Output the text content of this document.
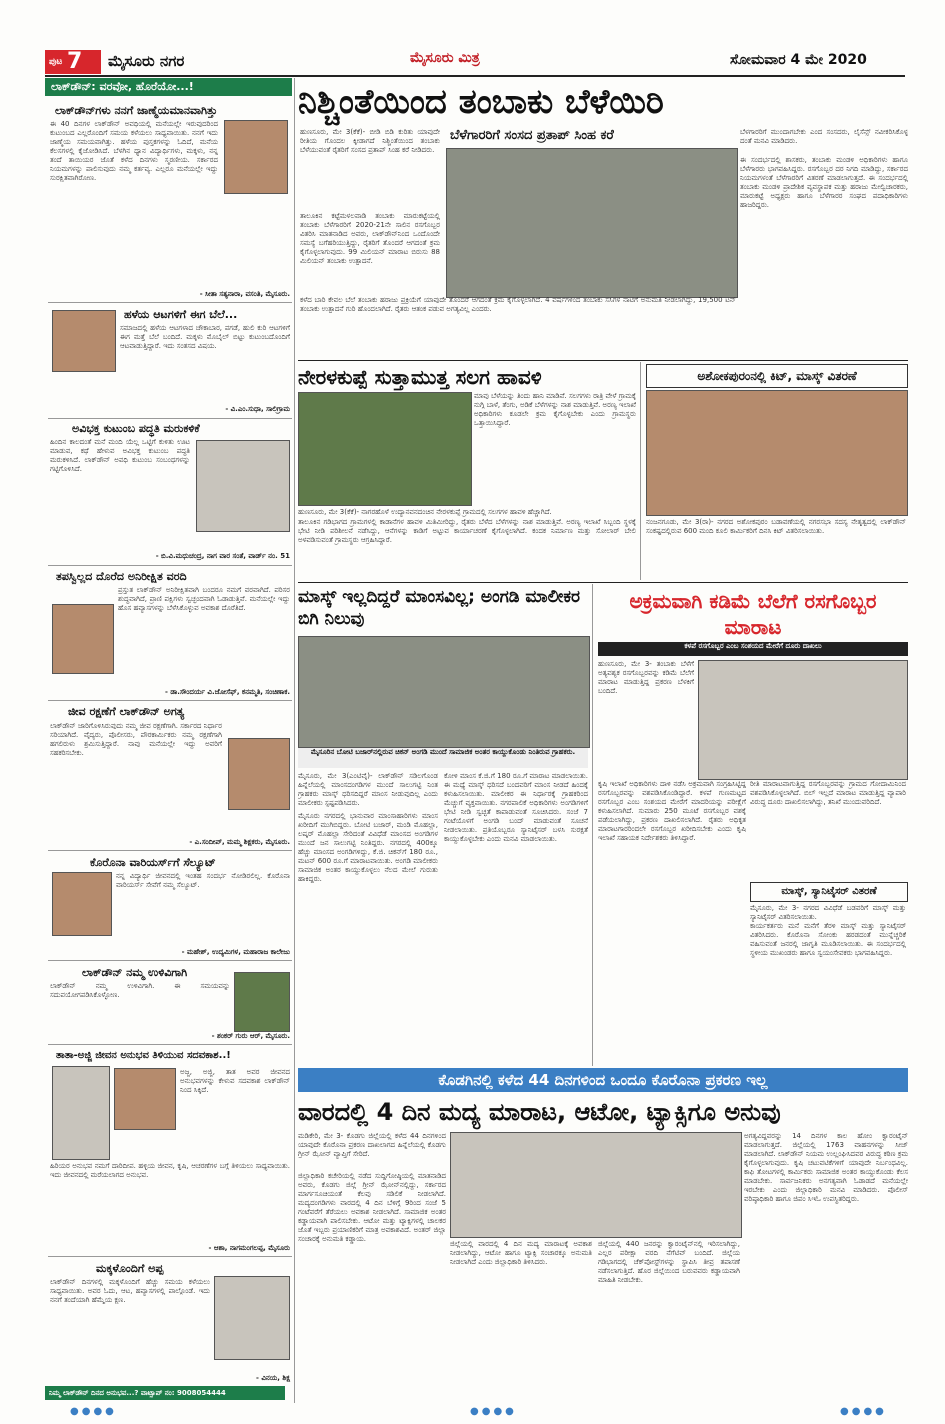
ಪುಟ 7 ಮೈಸೂರು ನಗರ	ಮೈಸೂರು ಮಿತ್ರ	ಸೋಮವಾರ 4 ಮೇ 2020
ಲಾಕ್‌ಡೌನ್: ವರವೋ, ಹೊರೆಯೋ...!
ಲಾಕ್‌ಡೌನ್‌ಗಳು ನನಗೆ ಜಾಣ್ಮೆಯಮಾನವಾಗಿತ್ತು
ಈ 40 ದಿನಗಳ ಲಾಕ್‌ಡೌನ್ ಅವಧಿಯಲ್ಲಿ ಮನೆಯಲ್ಲೇ ಇರುವುದರಿಂದ ಕುಟುಂಬದ ಎಲ್ಲರೊಂದಿಗೆ ಸಮಯ ಕಳೆಯಲು ಸಾಧ್ಯವಾಯಿತು. ನನಗೆ ಇದು ಜಾಣ್ಮೆಯ ಸಮಯವಾಗಿತ್ತು. ಹಳೆಯ ಪುಸ್ತಕಗಳನ್ನು ಓದಿದೆ, ಮನೆಯ ಕೆಲಸಗಳಲ್ಲಿ ಕೈಜೋಡಿಸಿದೆ. ಬೆಳಗಿನ ಧ್ಯಾನ ವಿದ್ಯಾರ್ಥಿಗಳು, ಮಕ್ಕಳು, ನನ್ನ ತಂದೆ ತಾಯಿಯರ ಜೊತೆ ಕಳೆದ ದಿನಗಳು ಸ್ಮರಣೀಯ. ಸರ್ಕಾರದ ನಿಯಮಗಳನ್ನು ಪಾಲಿಸುವುದು ನಮ್ಮ ಕರ್ತವ್ಯ. ಎಲ್ಲರೂ ಮನೆಯಲ್ಲೇ ಇದ್ದು ಸುರಕ್ಷಿತವಾಗಿರೋಣ.
- ಸೀತಾ ಸತ್ಯನಾರಾ, ವಸಂತಿ, ಮೈಸೂರು.
ಹಳೆಯ ಆಟಗಳಿಗೆ ಈಗ ಬೆಲೆ...
ಸಮಾಜದಲ್ಲಿ ಹಳೆಯ ಆಟಗಳಾದ ಚೌಕಾಬಾರ, ಪಗಡೆ, ಹುಲಿ ಕುರಿ ಆಟಗಳಿಗೆ ಈಗ ಮತ್ತೆ ಬೆಲೆ ಬಂದಿದೆ. ಮಕ್ಕಳು ಮೊಬೈಲ್ ಬಿಟ್ಟು ಕುಟುಂಬದೊಂದಿಗೆ ಆಟವಾಡುತ್ತಿದ್ದಾರೆ. ಇದು ಸಂತಸದ ವಿಷಯ.
- ವಿ.ಎಂ.ಸುಧಾ, ಸಾಲಿಗ್ರಾಮ
ಅವಿಭಕ್ತ ಕುಟುಂಬ ಪದ್ಧತಿ ಮರುಕಳಿಕೆ
ಹಿಂದಿನ ಕಾಲದಂತೆ ಮನೆ ಮಂದಿ ಯೆಲ್ಲ ಒಟ್ಟಿಗೆ ಕುಳಿತು ಊಟ ಮಾಡುವ, ಕಥೆ ಹೇಳುವ ಅವಿಭಕ್ತ ಕುಟುಂಬ ಪದ್ಧತಿ ಮರುಕಳಿಸಿದೆ. ಲಾಕ್‌ಡೌನ್ ಅವಧಿ ಕುಟುಂಬ ಸಂಬಂಧಗಳನ್ನು ಗಟ್ಟಿಗೊಳಿಸಿದೆ.
- ಬಿ.ವಿ.ಮಧುಚಂದ್ರ, ನಾಗ ವಾರ ಸಂತೆ, ವಾರ್ಡ್ ನಂ. 51
ತಪಸ್ವಿಲ್ಲದ ದೊರೆದ ಅನಿರೀಕ್ಷಿತ ವರದಿ
ಪ್ರಸ್ತುತ ಲಾಕ್‌ಡೌನ್ ಅನಿರೀಕ್ಷಿತವಾಗಿ ಬಂದರೂ ನಮಗೆ ವರವಾಗಿದೆ. ಪರಿಸರ ಶುದ್ಧವಾಗಿದೆ, ಪ್ರಾಣಿ ಪಕ್ಷಿಗಳು ಸ್ವಚ್ಛಂದವಾಗಿ ಓಡಾಡುತ್ತಿವೆ. ಮನೆಯಲ್ಲೇ ಇದ್ದು ಹೊಸ ಹವ್ಯಾಸಗಳನ್ನು ಬೆಳೆಸಿಕೊಳ್ಳುವ ಅವಕಾಶ ದೊರೆತಿದೆ.
- ಡಾ.ಸೌಂದರ್ಯ ವಿ.ಜೋಸೆಫ್, ಕನಮ್ಮತಿ, ಸಂಚಿಣಾಕ.
ಜೀವ ರಕ್ಷಣೆಗೆ ಲಾಕ್‌ಡೌನ್ ಅಗತ್ಯ
ಲಾಕ್‌ಡೌನ್ ಜಾರಿಗೊಳಿಸಿರುವುದು ನಮ್ಮ ಜೀವ ರಕ್ಷಣೆಗಾಗಿ. ಸರ್ಕಾರದ ನಿರ್ಧಾರ ಸರಿಯಾಗಿದೆ. ವೈದ್ಯರು, ಪೊಲೀಸರು, ಪೌರಕಾರ್ಮಿಕರು ನಮ್ಮ ರಕ್ಷಣೆಗಾಗಿ ಹಗಲಿರುಳು ಶ್ರಮಿಸುತ್ತಿದ್ದಾರೆ. ನಾವು ಮನೆಯಲ್ಲೇ ಇದ್ದು ಅವರಿಗೆ ಸಹಕರಿಸಬೇಕು.
- ಎ.ಸಂದೀಪ್, ಮಮ್ಮ ಶಿಕ್ಷಕರು, ಮೈಸೂರು.
ಕೊರೊನಾ ವಾರಿಯರ್ಸ್‌ಗೆ ಸೆಲ್ಯೂಟ್
ನನ್ನ ವಿದ್ಯಾರ್ಥಿ ಜೀವನದಲ್ಲಿ ಇಂತಹ ಸಂದರ್ಭ ನೋಡಿರಲಿಲ್ಲ. ಕೊರೊನಾ ವಾರಿಯರ್ಸ್ ಸೇವೆಗೆ ನಮ್ಮ ಸೆಲ್ಯೂಟ್.
- ಮಹೇಶ್, ಉದ್ಯಮಿಗಳ, ಮಹಾರಾಜ ಕಾಲೇಜು
ಲಾಕ್‌ಡೌನ್ ನಮ್ಮ ಉಳಿವಿಗಾಗಿ
ಲಾಕ್‌ಡೌನ್ ನಮ್ಮ ಉಳಿವಿಗಾಗಿ. ಈ ಸಮಯವನ್ನು ಸದುಪಯೋಗಪಡಿಸಿಕೊಳ್ಳೋಣ.
- ಶಂಕರ್ ಗುರು ಆರ್, ಮೈಸೂರು.
ತಾತಾ-ಅಜ್ಜಿ ಜೀವನ ಅನುಭವ ತಿಳಿಯುವ ಸದವಕಾಶ..!
ಅಜ್ಜ, ಅಜ್ಜಿ, ತಾತ ಅವರ ಜೀವನದ ಅನುಭವಗಳನ್ನು ಕೇಳುವ ಸದವಕಾಶ ಲಾಕ್‌ಡೌನ್ ನಿಂದ ಸಿಕ್ಕಿದೆ.
ಹಿರಿಯರ ಅನುಭವ ನಮಗೆ ದಾರಿದೀಪ. ಹಳ್ಳಿಯ ಜೀವನ, ಕೃಷಿ, ಆಚರಣೆಗಳ ಬಗ್ಗೆ ತಿಳಿಯಲು ಸಾಧ್ಯವಾಯಿತು. ಇದು ಜೀವನದಲ್ಲಿ ಮರೆಯಲಾಗದ ಅನುಭವ.
- ಆಶಾ, ನಾಗಮಂಗಲಪ್ಪ, ಮೈಸೂರು
ಮಕ್ಕಳೊಂದಿಗೆ ಅಪ್ಪ
ಲಾಕ್‌ಡೌನ್ ದಿನಗಳಲ್ಲಿ ಮಕ್ಕಳೊಂದಿಗೆ ಹೆಚ್ಚು ಸಮಯ ಕಳೆಯಲು ಸಾಧ್ಯವಾಯಿತು. ಅವರ ಓದು, ಆಟ, ಹವ್ಯಾಸಗಳಲ್ಲಿ ಪಾಲ್ಗೊಂಡೆ. ಇದು ನನಗೆ ತಂದೆಯಾಗಿ ಹೆಮ್ಮೆಯ ಕ್ಷಣ.
- ವಿನಯ, ಶಿಕ್ಷ
ನಿಮ್ಮ ಲಾಕ್‌ಡೌನ್ ದಿನದ ಅನುಭವ...? ವಾಟ್ಸಾಪ್ ನಂ: 9008054444
ನಿಶ್ಚಿಂತೆಯಿಂದ ತಂಬಾಕು ಬೆಳೆಯಿರಿ
ಬೆಳೆಗಾರರಿಗೆ ಸಂಸದ ಪ್ರತಾಪ್ ಸಿಂಹ ಕರೆ
ಹುಣಸೂರು, ಮೇ 3(ಕೆಕೆ)- ಬೀಡಿ ಬಿಡಿ ಕುರಿತು ಯಾವುದೇ ರೀತಿಯ ಗೊಂದಲ ಕ್ಕೀಡಾಗದೆ ನಿಶ್ಚಿಂತೆಯಿಂದ ತಂಬಾಕು ಬೆಳೆಯುವಂತೆ ರೈತರಿಗೆ ಸಂಸದ ಪ್ರತಾಪ್ ಸಿಂಹ ಕರೆ ನೀಡಿದರು.
ತಾಲೂಕಿನ ಕಟ್ಟೆಮಳಲವಾಡಿ ತಂಬಾಕು ಮಾರುಕಟ್ಟೆಯಲ್ಲಿ ತಂಬಾಕು ಬೆಳೆಗಾರರಿಗೆ 2020-21ನೇ ಸಾಲಿನ ರಸಗೊಬ್ಬರ ವಿತರಿಸಿ ಮಾತನಾಡಿದ ಅವರು, ಲಾಕ್‌ಡೌನ್‌ನಿಂದ ಒಂದೊಂದೇ ಸಮಸ್ಯೆ ಬಗೆಹರಿಯುತ್ತಿದ್ದು, ರೈತರಿಗೆ ತೊಂದರೆ ಆಗದಂತೆ ಕ್ರಮ ಕೈಗೊಳ್ಳಲಾಗುವುದು. 99 ಮಿಲಿಯನ್ ಮಾರಾಟ ಬಿರುಸು 88 ಮಿಲಿಯನ್ ತಂಬಾಕು ಉತ್ಪಾದನೆ.
ಬೆಳಗಾರರಿಗೆ ಮುಂದಾಗಬೇಕು ಎಂದ ಸಂಸದರು, ಲೈಸೆನ್ಸ್ ನವೀಕರಿಸಿಕೊಳ್ಳ ದಂತೆ ಮನವಿ ಮಾಡಿದರು.
ಈ ಸಂದರ್ಭದಲ್ಲಿ ಶಾಸಕರು, ತಂಬಾಕು ಮಂಡಳಿ ಅಧಿಕಾರಿಗಳು ಹಾಗೂ ಬೆಳೆಗಾರರು ಭಾಗವಹಿಸಿದ್ದರು. ರಸಗೊಬ್ಬರ ದರ ನಿಗದಿ ಮಾಡಿದ್ದು, ಸರ್ಕಾರದ ನಿಯಮಗಳಂತೆ ಬೆಳೆಗಾರರಿಗೆ ವಿತರಣೆ ಮಾಡಲಾಗುತ್ತದೆ. ಈ ಸಂದರ್ಭದಲ್ಲಿ ತಂಬಾಕು ಮಂಡಳಿ ಪ್ರಾದೇಶಿಕ ವ್ಯವಸ್ಥಾಪಕ ಮತ್ತು ಹರಾಜು ಮೇಲ್ವಿಚಾರಕರು, ಮಾರುಕಟ್ಟೆ ಅಧ್ಯಕ್ಷರು ಹಾಗೂ ಬೆಳೆಗಾರರ ಸಂಘದ ಪದಾಧಿಕಾರಿಗಳು ಹಾಜರಿದ್ದರು.
ಕಳೆದ ಬಾರಿ ಕೇವಲ ಬೆಲೆ ತಂಬಾಕು ಹರಾಜು ಪ್ರಕ್ರಿಯೆಗೆ ಯಾವುದೇ ತೊಂದರೆ ಆಗದಂತೆ ಕ್ರಮ ಕೈಗೊಳ್ಳಲಾಗಿದೆ. 4 ವರ್ಷಗಳಿಂದ ತಂಬಾಕು ಸಸಿಗಳ ನಾಟಿಗೆ ಅನುಮತಿ ನೀಡಲಾಗಿದ್ದು, 19,500 ಟನ್ ತಂಬಾಕು ಉತ್ಪಾದನೆ ಗುರಿ ಹೊಂದಲಾಗಿದೆ. ರೈತರು ಆತಂಕ ಪಡುವ ಅಗತ್ಯವಿಲ್ಲ ಎಂದರು.
ನೇರಳಕುಪ್ಪೆ ಸುತ್ತಾಮುತ್ತ ಸಲಗ ಹಾವಳಿ
ಮಾವು ಬೆಳೆಯನ್ನು ತಿಂದು ಹಾನಿ ಮಾಡಿವೆ. ಸಲಗಗಳು ರಾತ್ರಿ ವೇಳೆ ಗ್ರಾಮಕ್ಕೆ ನುಗ್ಗಿ ಬಾಳೆ, ತೆಂಗು, ಅಡಿಕೆ ಬೆಳೆಗಳನ್ನು ನಾಶ ಮಾಡುತ್ತಿವೆ. ಅರಣ್ಯ ಇಲಾಖೆ ಅಧಿಕಾರಿಗಳು ಕೂಡಲೇ ಕ್ರಮ ಕೈಗೊಳ್ಳಬೇಕು ಎಂದು ಗ್ರಾಮಸ್ಥರು ಒತ್ತಾಯಿಸಿದ್ದಾರೆ.
ಹುಣಸೂರು, ಮೇ 3(ಕೆಕೆ)- ನಾಗರಹೊಳೆ ಉದ್ಯಾನವನದಂಚಿನ ನೇರಳಕುಪ್ಪೆ ಗ್ರಾಮದಲ್ಲಿ ಸಲಗಗಳ ಹಾವಳಿ ಹೆಚ್ಚಾಗಿದೆ.
ತಾಲೂಕಿನ ಗಡಿಭಾಗದ ಗ್ರಾಮಗಳಲ್ಲಿ ಕಾಡಾನೆಗಳ ಹಾವಳಿ ಮಿತಿಮೀರಿದ್ದು, ರೈತರು ಬೆಳೆದ ಬೆಳೆಗಳನ್ನು ನಾಶ ಮಾಡುತ್ತಿವೆ. ಅರಣ್ಯ ಇಲಾಖೆ ಸಿಬ್ಬಂದಿ ಸ್ಥಳಕ್ಕೆ ಭೇಟಿ ನೀಡಿ ಪರಿಶೀಲನೆ ನಡೆಸಿದ್ದು, ಆನೆಗಳನ್ನು ಕಾಡಿಗೆ ಅಟ್ಟುವ ಕಾರ್ಯಾಚರಣೆ ಕೈಗೊಳ್ಳಲಾಗಿದೆ. ಕಂದಕ ನಿರ್ಮಾಣ ಮತ್ತು ಸೋಲಾರ್ ಬೇಲಿ ಅಳವಡಿಸುವಂತೆ ಗ್ರಾಮಸ್ಥರು ಆಗ್ರಹಿಸಿದ್ದಾರೆ.
ಅಶೋಕಪುರಂನಲ್ಲಿ ಕಿಟ್, ಮಾಸ್ಕ್ ವಿತರಣೆ
ನಂಜನಗೂಡು, ಮೇ 3(ರಾ)- ನಗರದ ಅಶೋಕಪುರಂ ಬಡಾವಣೆಯಲ್ಲಿ ನಗರಸಭಾ ಸದಸ್ಯ ನೇತೃತ್ವದಲ್ಲಿ ಲಾಕ್‌ಡೌನ್ ಸಂಕಷ್ಟದಲ್ಲಿರುವ 600 ಮಂದಿ ಕೂಲಿ ಕಾರ್ಮಿಕರಿಗೆ ದಿನಸಿ ಕಿಟ್ ವಿತರಿಸಲಾಯಿತು.
ಮಾಸ್ಕ್ ಇಲ್ಲದಿದ್ದರೆ ಮಾಂಸವಿಲ್ಲ; ಅಂಗಡಿ ಮಾಲೀಕರ ಬಿಗಿ ನಿಲುವು
ಮೈಸೂರಿನ ಬೋಟಿ ಬಜಾರ್‌ನಲ್ಲಿರುವ ಚಿಕನ್ ಅಂಗಡಿ ಮುಂದೆ ಸಾಮಾಜಿಕ ಅಂತರ ಕಾಯ್ದುಕೊಂಡು ನಿಂತಿರುವ ಗ್ರಾಹಕರು.
ಮೈಸೂರು, ಮೇ 3(ಎಂಟಿವೈ)- ಲಾಕ್‌ಡೌನ್ ಸಡಿಲಗೊಂಡ ಹಿನ್ನೆಲೆಯಲ್ಲಿ ಮಾಂಸದಂಗಡಿಗಳ ಮುಂದೆ ಸಾಲುಗಟ್ಟಿ ನಿಂತ ಗ್ರಾಹಕರು ಮಾಸ್ಕ್ ಧರಿಸದಿದ್ದರೆ ಮಾಂಸ ನೀಡುವುದಿಲ್ಲ ಎಂದು ಮಾಲೀಕರು ಸ್ಪಷ್ಟಪಡಿಸಿದರು.
ಮೈಸೂರು ನಗರದಲ್ಲಿ ಭಾನುವಾರ ಮಾಂಸಾಹಾರಿಗಳು ಮಾಂಸ ಖರೀದಿಗೆ ಮುಗಿಬಿದ್ದರು. ಬೋಟಿ ಬಜಾರ್, ಮಂಡಿ ಮೊಹಲ್ಲಾ, ಲಷ್ಕರ್ ಮೊಹಲ್ಲಾ ಸೇರಿದಂತೆ ವಿವಿಧೆಡೆ ಮಾಂಸದ ಅಂಗಡಿಗಳ ಮುಂದೆ ಜನ ಸಾಲುಗಟ್ಟಿ ನಿಂತಿದ್ದರು. ನಗರದಲ್ಲಿ 400ಕ್ಕೂ ಹೆಚ್ಚು ಮಾಂಸದ ಅಂಗಡಿಗಳಿದ್ದು, ಕೆ.ಜಿ. ಚಿಕನ್‌ಗೆ 180 ರೂ., ಮಟನ್ 600 ರೂ.ಗೆ ಮಾರಾಟವಾಯಿತು. ಅಂಗಡಿ ಮಾಲೀಕರು ಸಾಮಾಜಿಕ ಅಂತರ ಕಾಯ್ದುಕೊಳ್ಳಲು ನೆಲದ ಮೇಲೆ ಗುರುತು ಹಾಕಿದ್ದರು.
ಕೋಳಿ ಮಾಂಸ ಕೆ.ಜಿ.ಗೆ 180 ರೂ.ಗೆ ಮಾರಾಟ ಮಾಡಲಾಯಿತು. ಈ ಮಧ್ಯೆ ಮಾಸ್ಕ್ ಧರಿಸದೆ ಬಂದವರಿಗೆ ಮಾಂಸ ನೀಡದೆ ಹಿಂದಕ್ಕೆ ಕಳುಹಿಸಲಾಯಿತು. ಮಾಲೀಕರ ಈ ನಿರ್ಧಾರಕ್ಕೆ ಗ್ರಾಹಕರಿಂದ ಮೆಚ್ಚುಗೆ ವ್ಯಕ್ತವಾಯಿತು. ನಗರಪಾಲಿಕೆ ಅಧಿಕಾರಿಗಳು ಅಂಗಡಿಗಳಿಗೆ ಭೇಟಿ ನೀಡಿ ಸ್ವಚ್ಛತೆ ಕಾಪಾಡುವಂತೆ ಸೂಚಿಸಿದರು. ಸಂಜೆ 7 ಗಂಟೆಯೊಳಗೆ ಅಂಗಡಿ ಬಂದ್ ಮಾಡುವಂತೆ ಸೂಚನೆ ನೀಡಲಾಯಿತು. ಪ್ರತಿಯೊಬ್ಬರೂ ಸ್ಯಾನಿಟೈಸರ್ ಬಳಸಿ ಸುರಕ್ಷತೆ ಕಾಯ್ದುಕೊಳ್ಳಬೇಕು ಎಂದು ಮನವಿ ಮಾಡಲಾಯಿತು.
ಅಕ್ರಮವಾಗಿ ಕಡಿಮೆ ಬೆಲೆಗೆ ರಸಗೊಬ್ಬರ ಮಾರಾಟ
ಕಳಪೆ ರಸಗೊಬ್ಬರ ಎಂಬ ಸಂಶಯದ ಮೇರೆಗೆ ದೂರು ದಾಖಲು
ಹುಣಸೂರು, ಮೇ 3- ತಂಬಾಕು ಬೆಳೆಗೆ ಅತ್ಯವಶ್ಯಕ ರಸಗೊಬ್ಬರವನ್ನು ಕಡಿಮೆ ಬೆಲೆಗೆ ಮಾರಾಟ ಮಾಡುತ್ತಿದ್ದ ಪ್ರಕರಣ ಬೆಳಕಿಗೆ ಬಂದಿದೆ.
ಕೃಷಿ ಇಲಾಖೆ ಅಧಿಕಾರಿಗಳು ದಾಳಿ ನಡೆಸಿ ಅಕ್ರಮವಾಗಿ ಸಂಗ್ರಹಿಸಿಟ್ಟಿದ್ದ ರಸಗೊಬ್ಬರವನ್ನು ವಶಪಡಿಸಿಕೊಂಡಿದ್ದಾರೆ. ಕಳಪೆ ಗುಣಮಟ್ಟದ ರಸಗೊಬ್ಬರ ಎಂಬ ಸಂಶಯದ ಮೇರೆಗೆ ಮಾದರಿಯನ್ನು ಪರೀಕ್ಷೆಗೆ ಕಳುಹಿಸಲಾಗಿದೆ. ಸುಮಾರು 250 ಮೂಟೆ ರಸಗೊಬ್ಬರ ವಶಕ್ಕೆ ಪಡೆಯಲಾಗಿದ್ದು, ಪ್ರಕರಣ ದಾಖಲಿಸಲಾಗಿದೆ. ರೈತರು ಅಧಿಕೃತ ಮಾರಾಟಗಾರರಿಂದಲೇ ರಸಗೊಬ್ಬರ ಖರೀದಿಸಬೇಕು ಎಂದು ಕೃಷಿ ಇಲಾಖೆ ಸಹಾಯಕ ನಿರ್ದೇಶಕರು ತಿಳಿಸಿದ್ದಾರೆ.
ರೀತಿ ಮಾರಾಟವಾಗುತ್ತಿದ್ದ ರಸಗೊಬ್ಬರವನ್ನು ಗ್ರಾಮದ ಗೋದಾಮಿನಿಂದ ವಶಪಡಿಸಿಕೊಳ್ಳಲಾಗಿದೆ. ಬಿಲ್ ಇಲ್ಲದೆ ಮಾರಾಟ ಮಾಡುತ್ತಿದ್ದ ವ್ಯಾಪಾರಿ ವಿರುದ್ಧ ದೂರು ದಾಖಲಿಸಲಾಗಿದ್ದು, ತನಿಖೆ ಮುಂದುವರಿದಿದೆ.
ಮಾಸ್ಕ್, ಸ್ಯಾನಿಟೈಸರ್ ವಿತರಣೆ
ಮೈಸೂರು, ಮೇ 3- ನಗರದ ವಿವಿಧೆಡೆ ಬಡವರಿಗೆ ಮಾಸ್ಕ್ ಮತ್ತು ಸ್ಯಾನಿಟೈಸರ್ ವಿತರಿಸಲಾಯಿತು.
ಕಾರ್ಯಕರ್ತರು ಮನೆ ಮನೆಗೆ ತೆರಳಿ ಮಾಸ್ಕ್ ಮತ್ತು ಸ್ಯಾನಿಟೈಸರ್ ವಿತರಿಸಿದರು. ಕೊರೊನಾ ಸೋಂಕು ಹರಡದಂತೆ ಮುನ್ನೆಚ್ಚರಿಕೆ ವಹಿಸುವಂತೆ ಜನರಲ್ಲಿ ಜಾಗೃತಿ ಮೂಡಿಸಲಾಯಿತು. ಈ ಸಂದರ್ಭದಲ್ಲಿ ಸ್ಥಳೀಯ ಮುಖಂಡರು ಹಾಗೂ ಸ್ವಯಂಸೇವಕರು ಭಾಗವಹಿಸಿದ್ದರು.
ಕೊಡಗಿನಲ್ಲಿ ಕಳೆದ 44 ದಿನಗಳಿಂದ ಒಂದೂ ಕೊರೊನಾ ಪ್ರಕರಣ ಇಲ್ಲ
ವಾರದಲ್ಲಿ 4 ದಿನ ಮದ್ಯ ಮಾರಾಟ, ಆಟೋ, ಟ್ಯಾಕ್ಸಿಗೂ ಅನುವು
ಮಡಿಕೇರಿ, ಮೇ 3- ಕೊಡಗು ಜಿಲ್ಲೆಯಲ್ಲಿ ಕಳೆದ 44 ದಿನಗಳಿಂದ ಯಾವುದೇ ಕೊರೊನಾ ಪ್ರಕರಣ ದಾಖಲಾಗದ ಹಿನ್ನೆಲೆಯಲ್ಲಿ ಕೊಡಗು ಗ್ರೀನ್ ಝೋನ್ ವ್ಯಾಪ್ತಿಗೆ ಸೇರಿದೆ.
ಜಿಲ್ಲಾಧಿಕಾರಿ ಕಚೇರಿಯಲ್ಲಿ ನಡೆದ ಸುದ್ದಿಗೋಷ್ಠಿಯಲ್ಲಿ ಮಾತನಾಡಿದ ಅವರು, ಕೊಡಗು ಜಿಲ್ಲೆ ಗ್ರೀನ್ ಝೋನ್‌ನಲ್ಲಿದ್ದು, ಸರ್ಕಾರದ ಮಾರ್ಗಸೂಚಿಯಂತೆ ಕೆಲವು ಸಡಿಲಿಕೆ ನೀಡಲಾಗಿದೆ. ಮದ್ಯದಂಗಡಿಗಳು ವಾರದಲ್ಲಿ 4 ದಿನ ಬೆಳಿಗ್ಗೆ 9ರಿಂದ ಸಂಜೆ 5 ಗಂಟೆವರೆಗೆ ತೆರೆಯಲು ಅವಕಾಶ ನೀಡಲಾಗಿದೆ. ಸಾಮಾಜಿಕ ಅಂತರ ಕಡ್ಡಾಯವಾಗಿ ಪಾಲಿಸಬೇಕು. ಆಟೋ ಮತ್ತು ಟ್ಯಾಕ್ಸಿಗಳಲ್ಲಿ ಚಾಲಕರ ಜೊತೆ ಇಬ್ಬರು ಪ್ರಯಾಣಿಕರಿಗೆ ಮಾತ್ರ ಅವಕಾಶವಿದೆ. ಅಂತರ್ ಜಿಲ್ಲಾ ಸಂಚಾರಕ್ಕೆ ಅನುಮತಿ ಕಡ್ಡಾಯ.
ಜಿಲ್ಲೆಯಲ್ಲಿ ವಾರದಲ್ಲಿ 4 ದಿನ ಮದ್ಯ ಮಾರಾಟಕ್ಕೆ ಅವಕಾಶ ನೀಡಲಾಗಿದ್ದು, ಆಟೋ ಹಾಗೂ ಟ್ಯಾಕ್ಸಿ ಸಂಚಾರಕ್ಕೂ ಅನುಮತಿ ನೀಡಲಾಗಿದೆ ಎಂದು ಜಿಲ್ಲಾಧಿಕಾರಿ ತಿಳಿಸಿದರು.
ಜಿಲ್ಲೆಯಲ್ಲಿ 440 ಜನರನ್ನು ಕ್ವಾರಂಟೈನ್‌ನಲ್ಲಿ ಇರಿಸಲಾಗಿದ್ದು, ಎಲ್ಲರ ಪರೀಕ್ಷಾ ವರದಿ ನೆಗೆಟಿವ್ ಬಂದಿದೆ. ಜಿಲ್ಲೆಯ ಗಡಿಭಾಗದಲ್ಲಿ ಚೆಕ್‌ಪೋಸ್ಟ್‌ಗಳನ್ನು ಸ್ಥಾಪಿಸಿ ತೀವ್ರ ತಪಾಸಣೆ ನಡೆಸಲಾಗುತ್ತಿದೆ. ಹೊರ ಜಿಲ್ಲೆಯಿಂದ ಬರುವವರು ಕಡ್ಡಾಯವಾಗಿ ಮಾಹಿತಿ ನೀಡಬೇಕು.
ಅಗತ್ಯವಿದ್ದವರನ್ನು 14 ದಿನಗಳ ಕಾಲ ಹೋಂ ಕ್ವಾರಂಟೈನ್ ಮಾಡಲಾಗುತ್ತದೆ. ಜಿಲ್ಲೆಯಲ್ಲಿ 1763 ವಾಹನಗಳನ್ನು ಸೀಜ್ ಮಾಡಲಾಗಿದೆ. ಲಾಕ್‌ಡೌನ್ ನಿಯಮ ಉಲ್ಲಂಘಿಸಿದವರ ವಿರುದ್ಧ ಕಠಿಣ ಕ್ರಮ ಕೈಗೊಳ್ಳಲಾಗುವುದು. ಕೃಷಿ ಚಟುವಟಿಕೆಗಳಿಗೆ ಯಾವುದೇ ನಿರ್ಬಂಧವಿಲ್ಲ. ಕಾಫಿ ತೋಟಗಳಲ್ಲಿ ಕಾರ್ಮಿಕರು ಸಾಮಾಜಿಕ ಅಂತರ ಕಾಯ್ದುಕೊಂಡು ಕೆಲಸ ಮಾಡಬೇಕು. ಸಾರ್ವಜನಿಕರು ಅನಗತ್ಯವಾಗಿ ಓಡಾಡದೆ ಮನೆಯಲ್ಲೇ ಇರಬೇಕು ಎಂದು ಜಿಲ್ಲಾಧಿಕಾರಿ ಮನವಿ ಮಾಡಿದರು. ಪೊಲೀಸ್ ವರಿಷ್ಠಾಧಿಕಾರಿ ಹಾಗೂ ಜಿಪಂ ಸಿಇಓ ಉಪಸ್ಥಿತರಿದ್ದರು.
●●●●	●●●●	●●●●
